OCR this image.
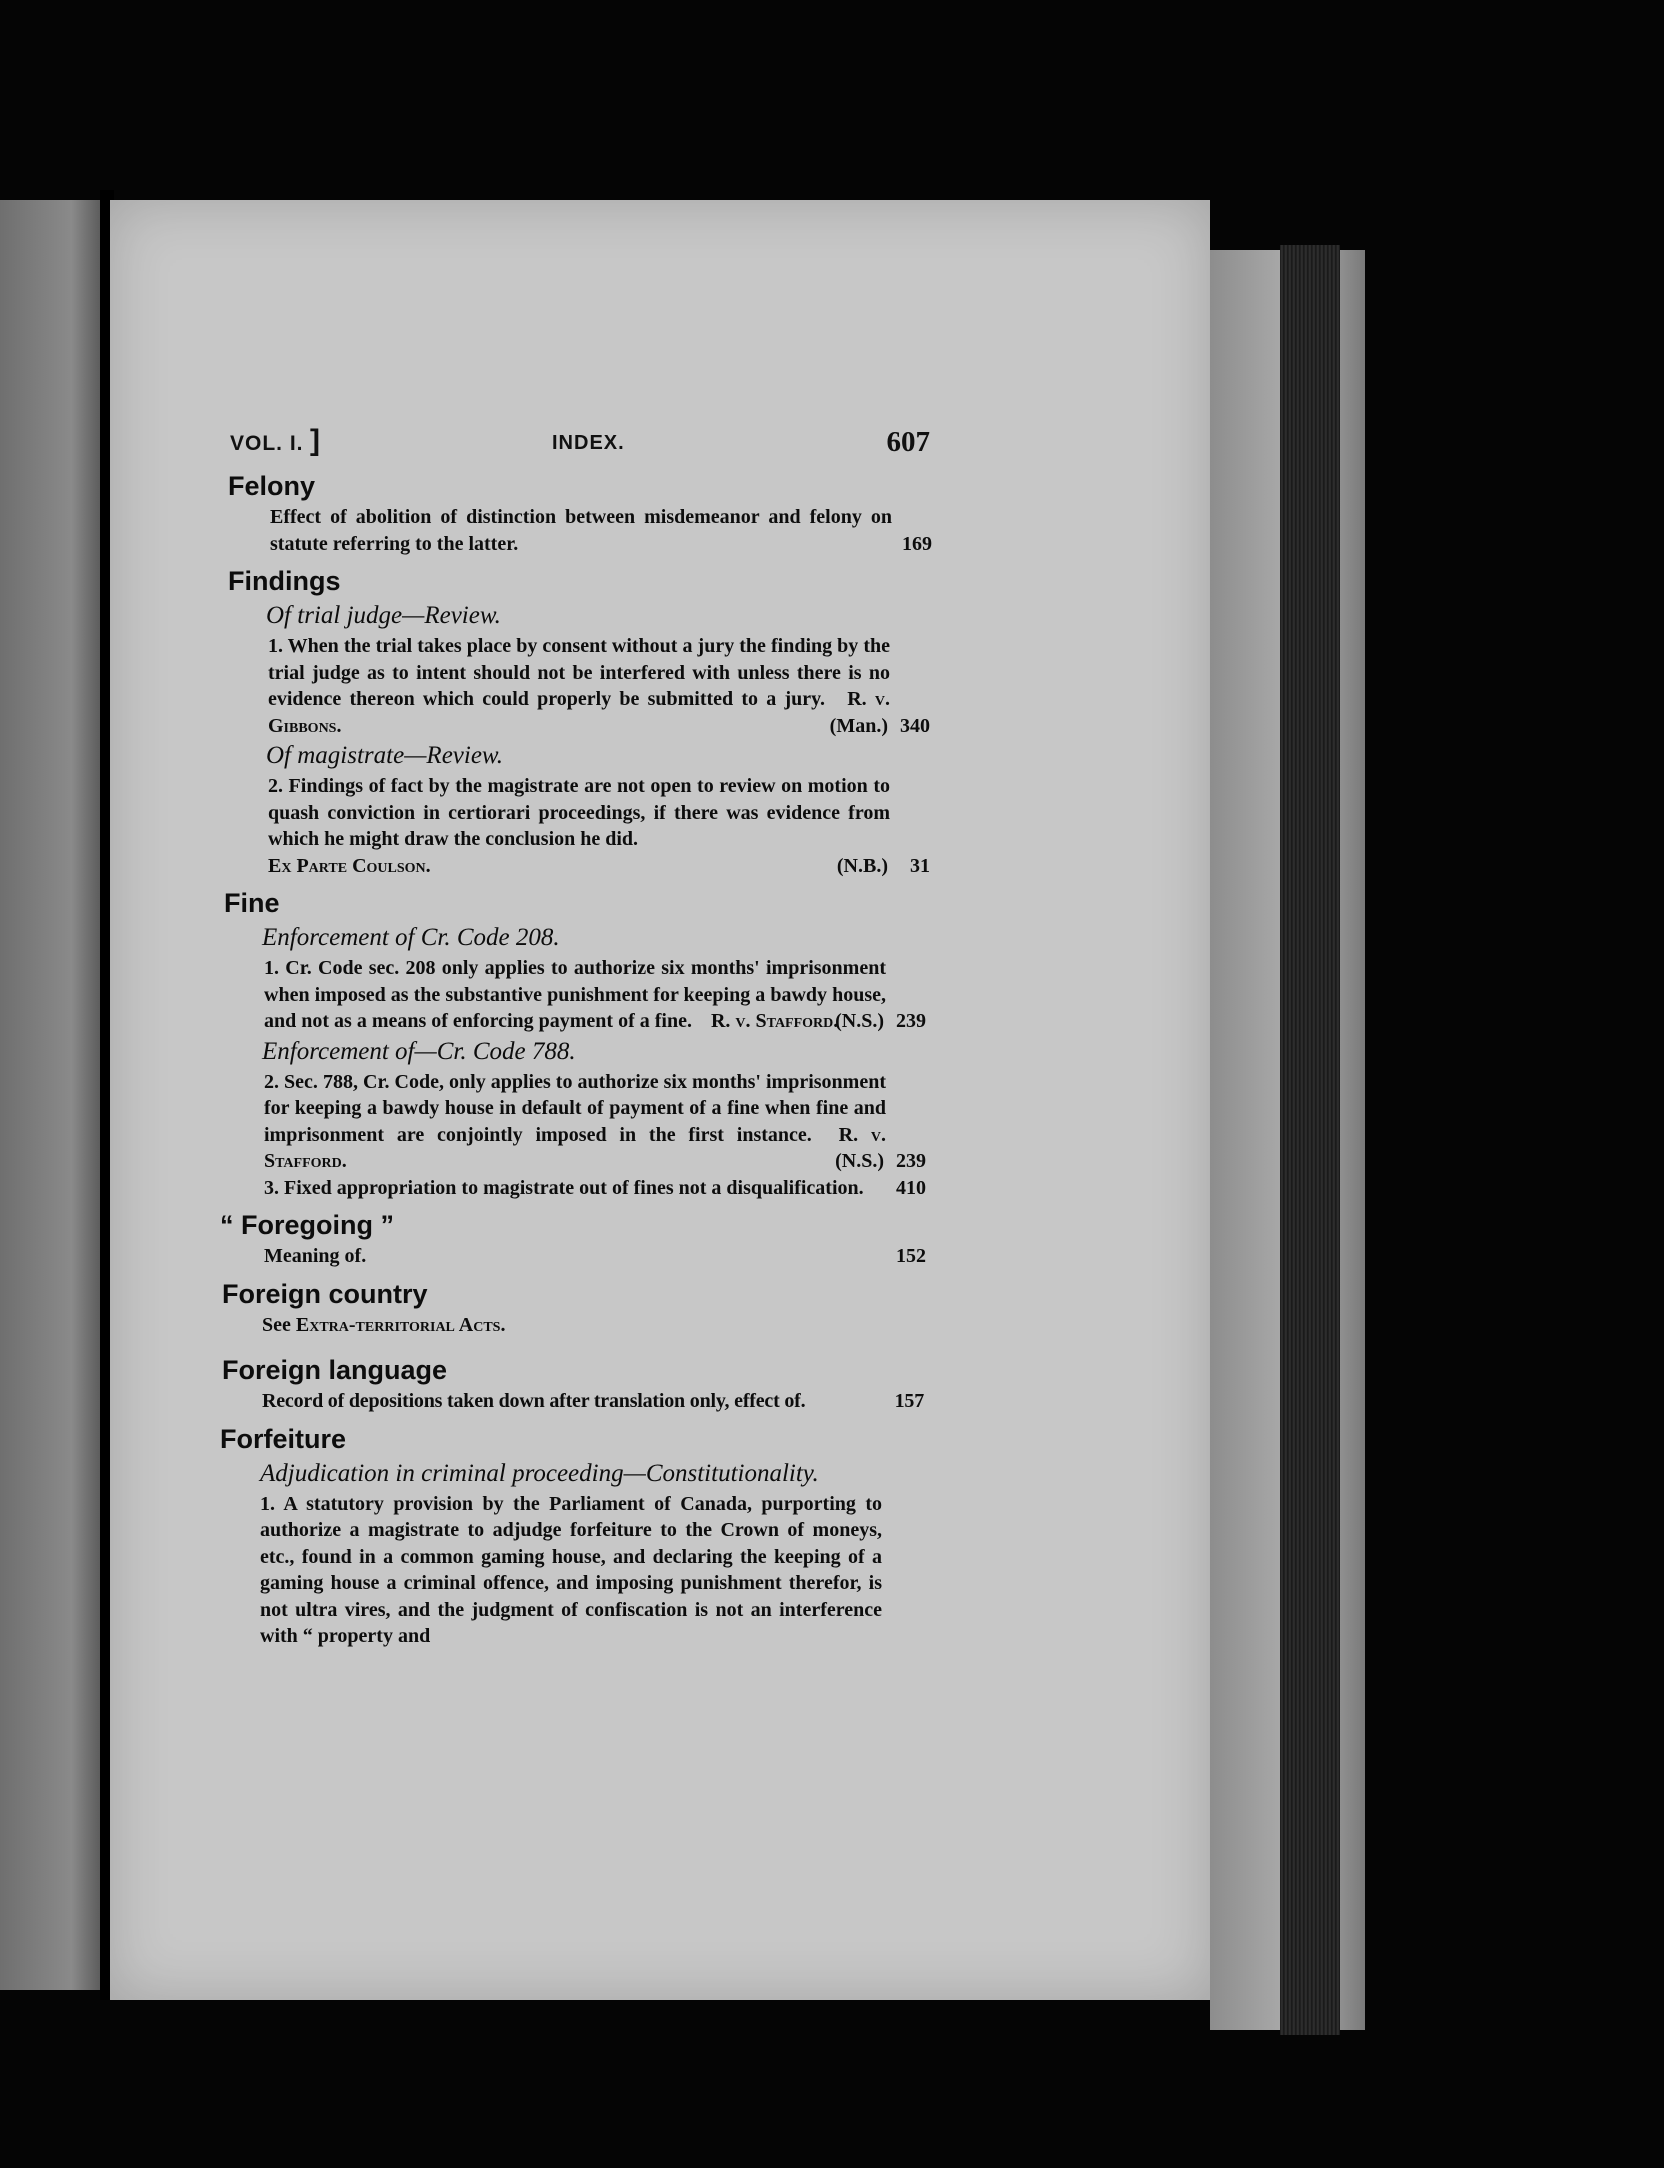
VOL. I. ]	INDEX.	607
Felony
Effect of abolition of distinction between misdemeanor and felony on statute referring to the latter.	169
Findings
Of trial judge—Review.
1. When the trial takes place by consent without a jury the finding by the trial judge as to intent should not be interfered with unless there is no evidence thereon which could properly be submitted to a jury. R. v. Gibbons.	(Man.) 340
Of magistrate—Review.
2. Findings of fact by the magistrate are not open to review on motion to quash conviction in certiorari proceedings, if there was evidence from which he might draw the conclusion he did.
Ex Parte Coulson.	(N.B.) 31
Fine
Enforcement of Cr. Code 208.
1. Cr. Code sec. 208 only applies to authorize six months' imprisonment when imposed as the substantive punishment for keeping a bawdy house, and not as a means of enforcing payment of a fine. R. v. Stafford.
(N.S.) 239
Enforcement of—Cr. Code 788.
2. Sec. 788, Cr. Code, only applies to authorize six months' imprisonment for keeping a bawdy house in default of payment of a fine when fine and imprisonment are conjointly imposed in the first instance. R. v. Stafford.	(N.S.) 239
3. Fixed appropriation to magistrate out of fines not a disqualification. 410
“ Foregoing ”
Meaning of.	152
Foreign country
See Extra-territorial Acts.
Foreign language
Record of depositions taken down after translation only, effect of.	157
Forfeiture
Adjudication in criminal proceeding—Constitutionality.
1. A statutory provision by the Parliament of Canada, purporting to authorize a magistrate to adjudge forfeiture to the Crown of moneys, etc., found in a common gaming house, and declaring the keeping of a gaming house a criminal offence, and imposing punishment therefor, is not ultra vires, and the judgment of confiscation is not an interference with “ property and
